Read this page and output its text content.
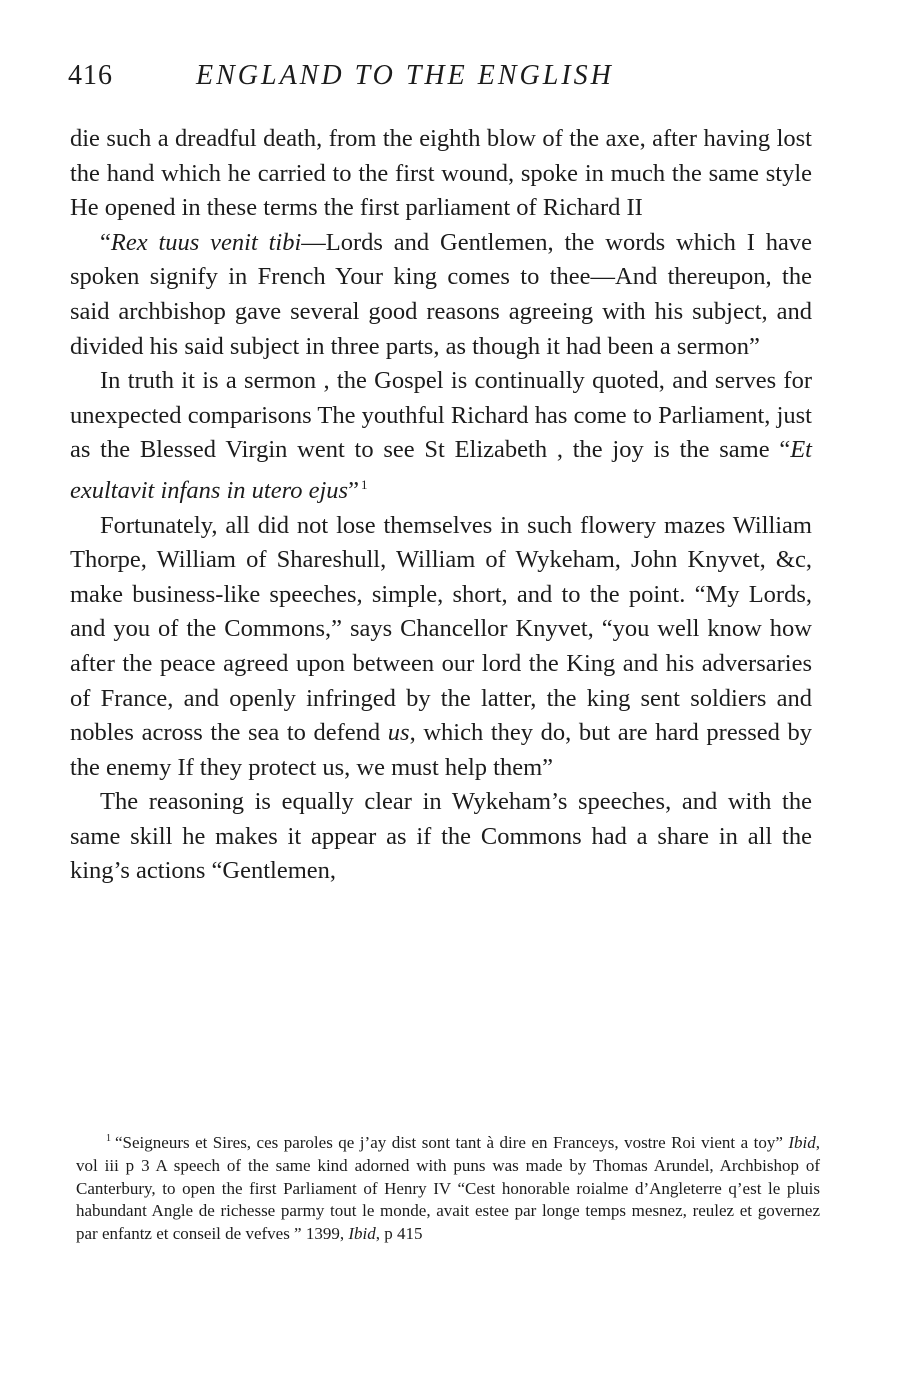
416	ENGLAND TO THE ENGLISH

die such a dreadful death, from the eighth blow of the axe, after having lost the hand which he carried to the first wound, spoke in much the same style He opened in these terms the first parliament of Richard II

“Rex tuus venit tibi—Lords and Gentlemen, the words which I have spoken signify in French Your king comes to thee—And thereupon, the said archbishop gave several good reasons agreeing with his subject, and divided his said subject in three parts, as though it had been a sermon”

In truth it is a sermon , the Gospel is continually quoted, and serves for unexpected comparisons The youthful Richard has come to Parliament, just as the Blessed Virgin went to see St Elizabeth , the joy is the same “Et exultavit infans in utero ejus” $^1$

Fortunately, all did not lose themselves in such flowery mazes William Thorpe, William of Shareshull, William of Wykeham, John Knyvet, &c, make business-like speeches, simple, short, and to the point. “My Lords, and you of the Commons,” says Chancellor Knyvet, “you well know how after the peace agreed upon between our lord the King and his adversaries of France, and openly infringed by the latter, the king sent soldiers and nobles across the sea to defend us, which they do, but are hard pressed by the enemy If they protect us, we must help them”

The reasoning is equally clear in Wykeham’s speeches, and with the same skill he makes it appear as if the Commons had a share in all the king’s actions “Gentlemen,

$^1$ “Seigneurs et Sires, ces paroles qe j’ay dist sont tant à dire en Franceys, vostre Roi vient a toy” Ibid, vol iii p 3 A speech of the same kind adorned with puns was made by Thomas Arundel, Archbishop of Canterbury, to open the first Parliament of Henry IV “Cest honorable roialme d’Angleterre q’est le pluis habundant Angle de richesse parmy tout le monde, avait estee par longe temps mesnez, reulez et governez par enfantz et conseil de vefves ” 1399, Ibid, p 415
